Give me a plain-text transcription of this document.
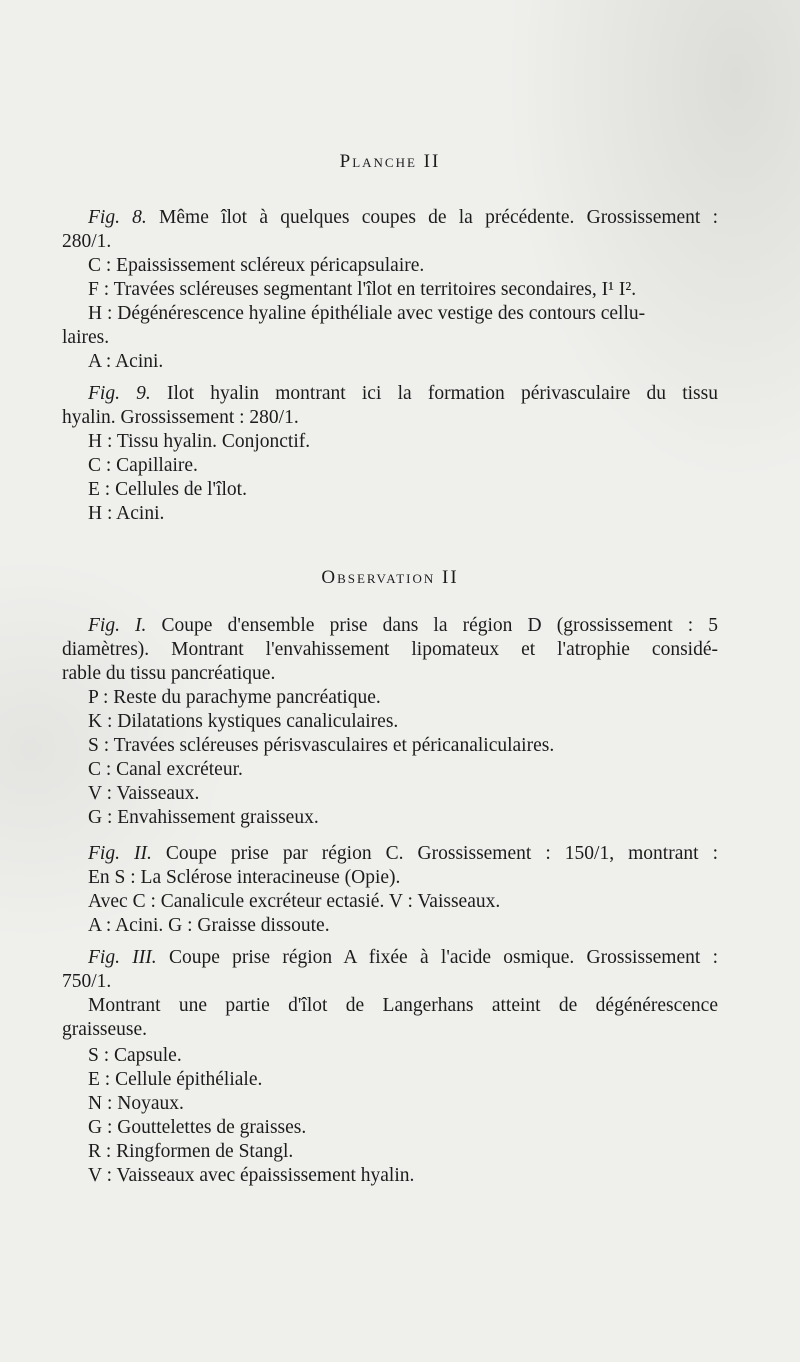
Planche II
Fig. 8. Même îlot à quelques coupes de la précédente. Grossissement :
280/1.
C : Epaississement scléreux péricapsulaire.
F : Travées scléreuses segmentant l'îlot en territoires secondaires, I¹ I².
H : Dégénérescence hyaline épithéliale avec vestige des contours cellu-
laires.
A : Acini.
Fig. 9. Ilot hyalin montrant ici la formation périvasculaire du tissu
hyalin. Grossissement : 280/1.
H : Tissu hyalin. Conjonctif.
C : Capillaire.
E : Cellules de l'îlot.
H : Acini.
Observation II
Fig. I. Coupe d'ensemble prise dans la région D (grossissement : 5
diamètres). Montrant l'envahissement lipomateux et l'atrophie considé-
rable du tissu pancréatique.
P : Reste du parachyme pancréatique.
K : Dilatations kystiques canaliculaires.
S : Travées scléreuses périsvasculaires et péricanaliculaires.
C : Canal excréteur.
V : Vaisseaux.
G : Envahissement graisseux.
Fig. II. Coupe prise par région C. Grossissement : 150/1, montrant :
En S : La Sclérose interacineuse (Opie).
Avec C : Canalicule excréteur ectasié. V : Vaisseaux.
A : Acini. G : Graisse dissoute.
Fig. III. Coupe prise région A fixée à l'acide osmique. Grossissement :
750/1.
Montrant une partie d'îlot de Langerhans atteint de dégénérescence
graisseuse.
S : Capsule.
E : Cellule épithéliale.
N : Noyaux.
G : Gouttelettes de graisses.
R : Ringformen de Stangl.
V : Vaisseaux avec épaississement hyalin.
